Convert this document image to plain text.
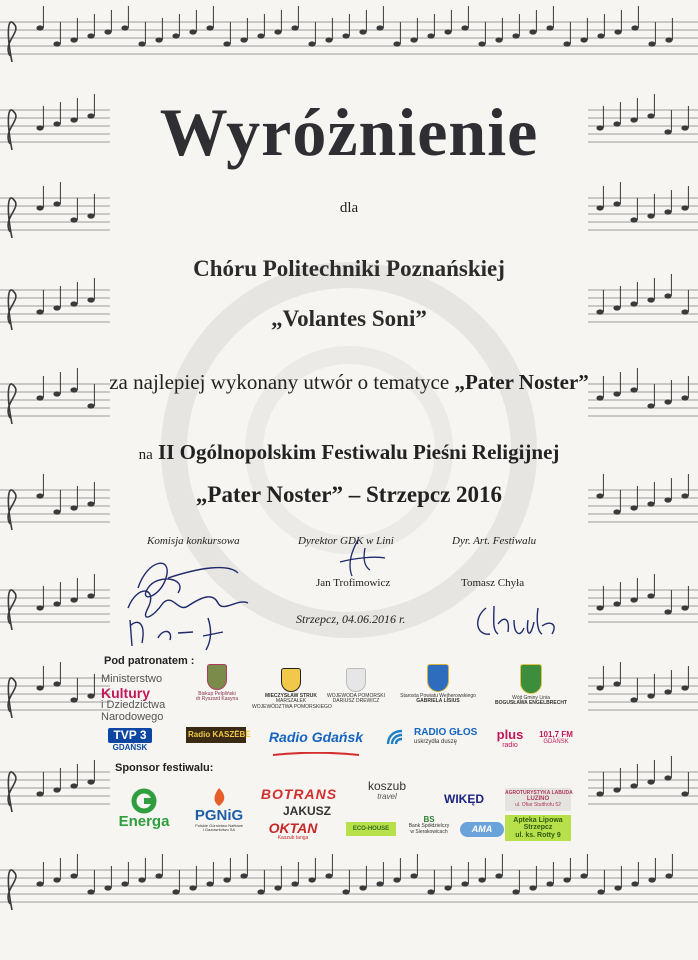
Wyróżnienie

dla

Chóru Politechniki Poznańskiej

„Volantes Soni”

za najlepiej wykonany utwór o tematyce „Pater Noster”

na II Ogólnopolskim Festiwalu Pieśni Religijnej

„Pater Noster” – Strzepcz 2016

Komisja konkursowa	Dyrektor GDK w Lini	Dyr. Art. Festiwalu

Jan Trofimowicz	Tomasz Chyła

Strzepcz, 04.06.2016 r.

Pod patronatem :

Ministerstwo
Kultury
i Dziedzictwa
Narodowego
Biskup Pelpliński
dr Ryszard Kasyna
MIECZYSŁAW STRUK
MARSZAŁEK
WOJEWÓDZTWA POMORSKIEGO
WOJEWODA POMORSKI
DARIUSZ DREWICZ
Starosta Powiatu Wejherowskiego
GABRIELA LISIUS
Wójt Gminy Linia
BOGUSŁAWA ENGELBRECHT
TVP 3
GDAŃSK
Radio KASZËBË Radio Gdańsk	RADIO GŁOS
uskrzydla duszę	plus
radio
101,7 FM
GDAŃSK

Sponsor festiwalu:

Energa	PGNiG
Polskie Górnictwo Naftowe
i Gazownictwo SA
BOTRANS
JAKUSZ
OKTAN
Kaszub tanga
koszub
travel
ECO-HOUSE
BS
Bank Spółdzielczy
w Sierakowicach
WIKĘD
AMA
AGROTURYSTYKA LABUDA
LUZINO
ul. Ofiar Stutthofu 52
Apteka Lipowa
Strzepcz
ul. ks. Rotty 9
